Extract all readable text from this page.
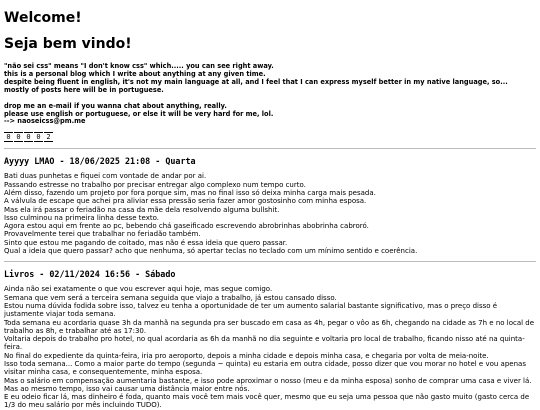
Welcome!
Seja bem vindo!

"não sei css" means "I don't know css" which..... you can see right away.

this is a personal blog which I write about anything at any given time.

despite being fluent in english, it's not my main language at all, and I feel that I can express myself better in my native language, so...

mostly of posts here will be in portuguese.

drop me an e-mail if you wanna chat about anything, really.

please use english or portuguese, or else it will be very hard for me, lol.

--> naoseicss@pm.me

0 0 0 0 2
Ayyyy LMAO - 18/06/2025 21:08 - Quarta

Bati duas punhetas e fiquei com vontade de andar por ai.

Passando estresse no trabalho por precisar entregar algo complexo num tempo curto.

Além disso, fazendo um projeto por fora porque sim, mas no final isso só deixa minha carga mais pesada.

A válvula de escape que achei pra aliviar essa pressão seria fazer amor gostosinho com minha esposa.

Mas ela irá passar o feriadão na casa da mãe dela resolvendo alguma bullshit.

Isso culminou na primeira linha desse texto.

Agora estou aqui em frente ao pc, bebendo chá gaseificado escrevendo abrobrinhas abobrinha cabroró.

Provavelmente terei que trabalhar no feriadão também.

Sinto que estou me pagando de coitado, mas não é essa ideia que quero passar.

Qual a ideia que quero passar? acho que nenhuma, só apertar teclas no teclado com um mínimo sentido e coerência.

Livros - 02/11/2024 16:56 - Sábado

Ainda não sei exatamente o que vou escrever aqui hoje, mas segue comigo.

Semana que vem será a terceira semana seguida que viajo a trabalho, já estou cansado disso.

Estou numa dúvida fodida sobre isso, talvez eu tenha a oportunidade de ter um aumento salarial bastante significativo, mas o preço disso é justamente viajar toda semana.

Toda semana eu acordaria quase 3h da manhã na segunda pra ser buscado em casa as 4h, pegar o vôo as 6h, chegando na cidade as 7h e no local de trabalho as 8h, e trabalhar até as 17:30.

Voltaria depois do trabalho pro hotel, no qual acordaria as 6h da manhã no dia seguinte e voltaria pro local de trabalho, ficando nisso até na quinta-feira.

No final do expediente da quinta-feira, iria pro aeroporto, depois a minha cidade e depois minha casa, e chegaria por volta de meia-noite.

Isso toda semana... Como a maior parte do tempo (segunda ~ quinta) eu estaria em outra cidade, posso dizer que vou morar no hotel e vou apenas visitar minha casa, e consequentemente, minha esposa.

Mas o salário em compensação aumentaria bastante, e isso pode aproximar o nosso (meu e da minha esposa) sonho de comprar uma casa e viver lá.

Mas ao mesmo tempo, isso vai causar uma distância maior entre nós.

E eu odeio ficar lá, mas dinheiro é foda, quanto mais você tem mais você quer, mesmo que eu seja uma pessoa que não gasto muito (gasto cerca de 1/3 do meu salário por mês incluindo TUDO).
